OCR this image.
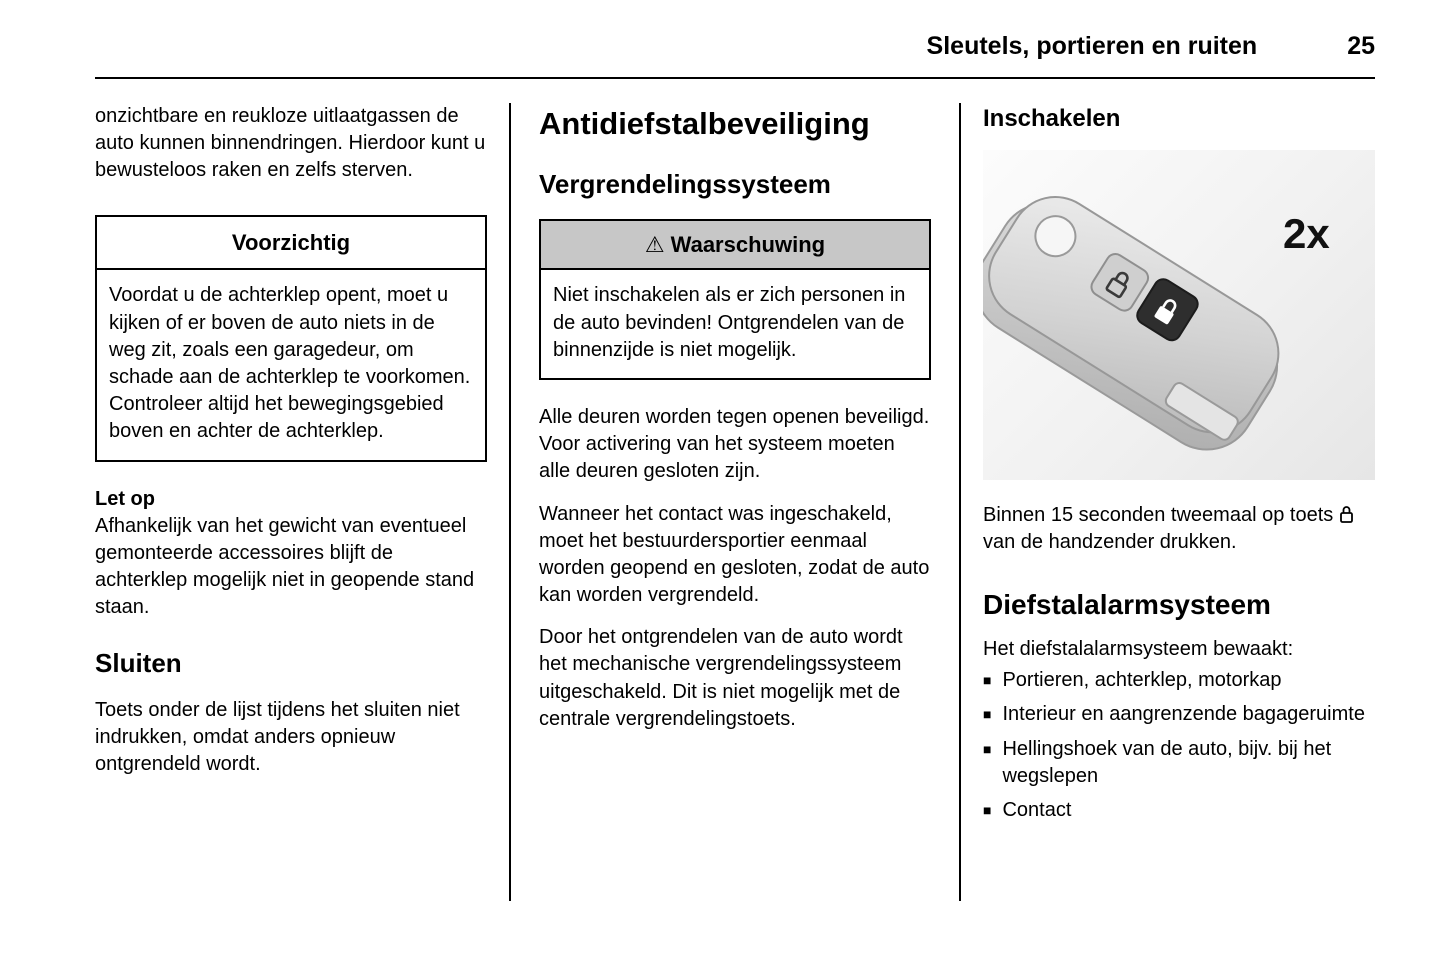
Sleutels, portieren en ruiten	25

onzichtbare en reukloze uitlaatgassen de auto kunnen binnendringen. Hierdoor kunt u bewusteloos raken en zelfs sterven.

Voorzichtig
Voordat u de achterklep opent, moet u kijken of er boven de auto niets in de weg zit, zoals een garagedeur, om schade aan de achterklep te voorkomen. Controleer altijd het bewegingsgebied boven en achter de achterklep.
Let op

Afhankelijk van het gewicht van eventueel gemonteerde accessoires blijft de achterklep mogelijk niet in geopende stand staan.

Sluiten

Toets onder de lijst tijdens het sluiten niet indrukken, omdat anders opnieuw ontgrendeld wordt.

Antidiefstalbeveiliging
Vergrendelingssysteem
⚠ Waarschuwing
Niet inschakelen als er zich personen in de auto bevinden! Ontgrendelen van de binnenzijde is niet mogelijk.

Alle deuren worden tegen openen beveiligd. Voor activering van het systeem moeten alle deuren gesloten zijn.

Wanneer het contact was ingeschakeld, moet het bestuurdersportier eenmaal worden geopend en gesloten, zodat de auto kan worden vergrendeld.

Door het ontgrendelen van de auto wordt het mechanische vergrendelingssysteem uitgeschakeld. Dit is niet mogelijk met de centrale vergrendelingstoets.

Inschakelen
2x

Binnen 15 seconden tweemaal op toets  van de handzender drukken.

Diefstalalarmsysteem

Het diefstalalarmsysteem bewaakt:

■ Portieren, achterklep, motorkap
■ Interieur en aangrenzende bagageruimte
■ Hellingshoek van de auto, bijv. bij het wegslepen
■ Contact
